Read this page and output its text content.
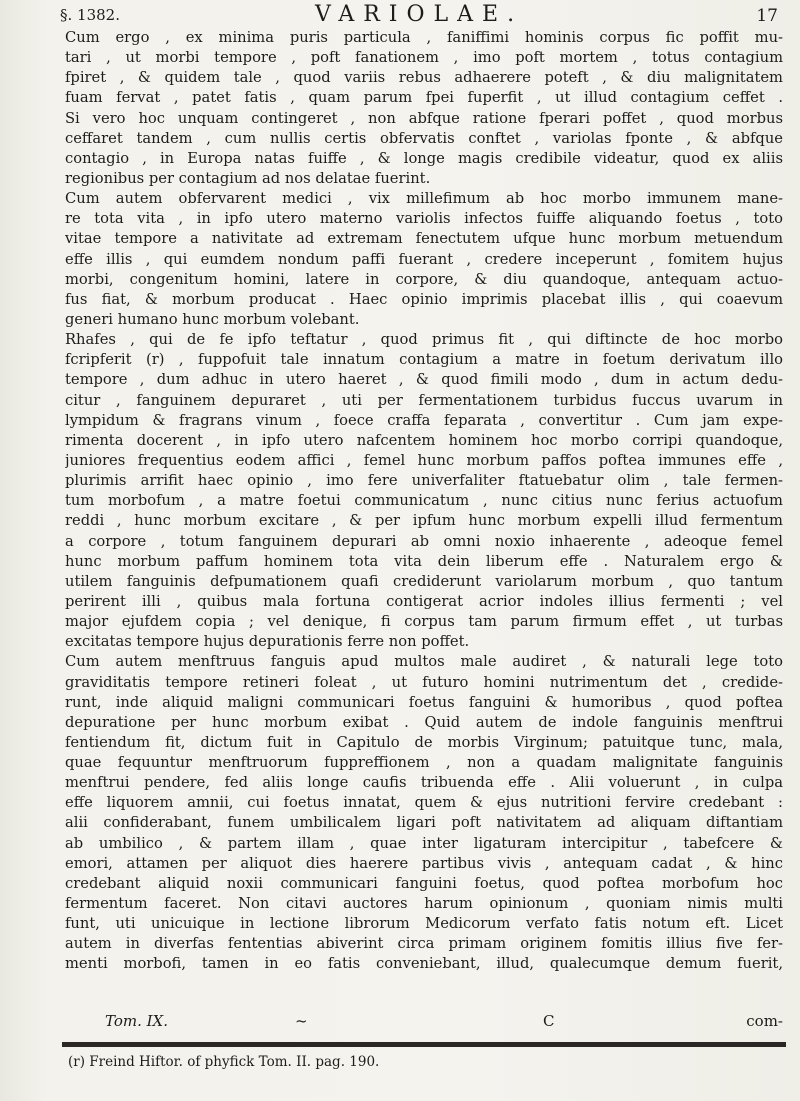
§. 1382.	VARIOLAE.	17
Cum ergo , ex minima puris particula , faniffimi hominis corpus fic poffit mu-
tari , ut morbi tempore , poft fanationem , imo poft mortem , totus contagium
fpiret , & quidem tale , quod variis rebus adhaerere poteft , & diu malignitatem
fuam fervat , patet fatis , quam parum fpei fuperfit , ut illud contagium ceffet .
Si vero hoc unquam contingeret , non abfque ratione fperari poffet , quod morbus
ceffaret tandem , cum nullis certis obfervatis conftet , variolas fponte , & abfque
contagio , in Europa natas fuiffe , & longe magis credibile videatur, quod ex aliis
regionibus per contagium ad nos delatae fuerint.
Cum autem obfervarent medici , vix millefimum ab hoc morbo immunem mane-
re tota vita , in ipfo utero materno variolis infectos fuiffe aliquando foetus , toto
vitae tempore a nativitate ad extremam fenectutem ufque hunc morbum metuendum
effe illis , qui eumdem nondum paffi fuerant , credere inceperunt , fomitem hujus
morbi, congenitum homini, latere in corpore, & diu quandoque, antequam actuo-
fus fiat, & morbum producat . Haec opinio imprimis placebat illis , qui coaevum
generi humano hunc morbum volebant.
Rhafes , qui de fe ipfo teftatur , quod primus fit , qui diftincte de hoc morbo
fcripferit (r) , fuppofuit tale innatum contagium a matre in foetum derivatum illo
tempore , dum adhuc in utero haeret , & quod fimili modo , dum in actum dedu-
citur , fanguinem depuraret , uti per fermentationem turbidus fuccus uvarum in
lympidum & fragrans vinum , foece craffa feparata , convertitur . Cum jam expe-
rimenta docerent , in ipfo utero nafcentem hominem hoc morbo corripi quandoque,
juniores frequentius eodem affici , femel hunc morbum paffos poftea immunes effe ,
plurimis arrifit haec opinio , imo fere univerfaliter ftatuebatur olim , tale fermen-
tum morbofum , a matre foetui communicatum , nunc citius nunc ferius actuofum
reddi , hunc morbum excitare , & per ipfum hunc morbum expelli illud fermentum
a corpore , totum fanguinem depurari ab omni noxio inhaerente , adeoque femel
hunc morbum paffum hominem tota vita dein liberum effe . Naturalem ergo &
utilem fanguinis defpumationem quafi crediderunt variolarum morbum , quo tantum
perirent illi , quibus mala fortuna contigerat acrior indoles illius fermenti ; vel
major ejufdem copia ; vel denique, fi corpus tam parum firmum effet , ut turbas
excitatas tempore hujus depurationis ferre non poffet.
Cum autem menftruus fanguis apud multos male audiret , & naturali lege toto
graviditatis tempore retineri foleat , ut futuro homini nutrimentum det , credide-
runt, inde aliquid maligni communicari foetus fanguini & humoribus , quod poftea
depuratione per hunc morbum exibat . Quid autem de indole fanguinis menftrui
fentiendum fit, dictum fuit in Capitulo de morbis Virginum; patuitque tunc, mala,
quae fequuntur menftruorum fuppreffionem , non a quadam malignitate fanguinis
menftrui pendere, fed aliis longe caufis tribuenda effe . Alii voluerunt , in culpa
effe liquorem amnii, cui foetus innatat, quem & ejus nutritioni fervire credebant :
alii confiderabant, funem umbilicalem ligari poft nativitatem ad aliquam diftantiam
ab umbilico , & partem illam , quae inter ligaturam intercipitur , tabefcere &
emori, attamen per aliquot dies haerere partibus vivis , antequam cadat , & hinc
credebant aliquid noxii communicari fanguini foetus, quod poftea morbofum hoc
fermentum faceret. Non citavi auctores harum opinionum , quoniam nimis multi
funt, uti unicuique in lectione librorum Medicorum verfato fatis notum eft. Licet
autem in diverfas fententias abiverint circa primam originem fomitis illius five fer-
menti morbofi, tamen in eo fatis conveniebant, illud, qualecumque demum fuerit,
Tom. IX.	~	C	com-
(r) Freind Hiftor. of phyfick Tom. II. pag. 190.
